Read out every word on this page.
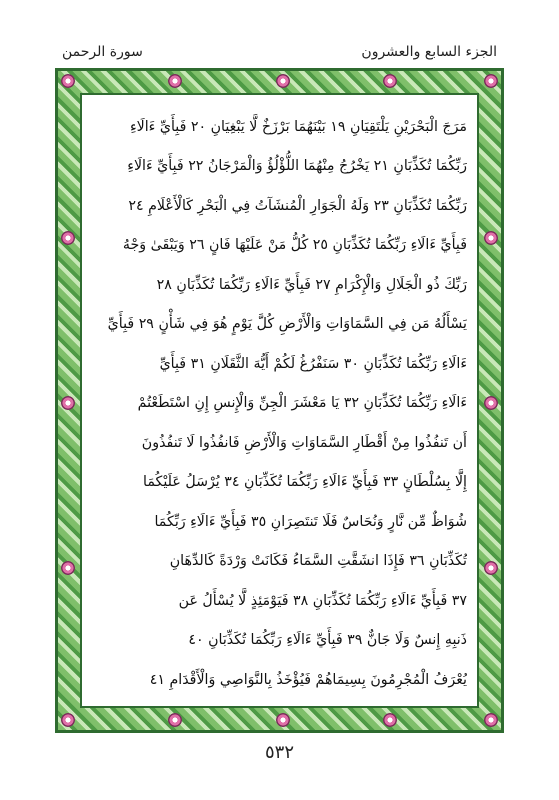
سورة الرحمن	الجزء السابع والعشرون
مَرَجَ الْبَحْرَيْنِ يَلْتَقِيَانِ ١٩ بَيْنَهُمَا بَرْزَخٌ لَّا يَبْغِيَانِ ٢٠ فَبِأَيِّ ءَالَاءِ
رَبِّكُمَا تُكَذِّبَانِ ٢١ يَخْرُجُ مِنْهُمَا اللُّؤْلُؤُ وَالْمَرْجَانُ ٢٢ فَبِأَيِّ ءَالَاءِ
رَبِّكُمَا تُكَذِّبَانِ ٢٣ وَلَهُ الْجَوَارِ الْمُنشَآتُ فِي الْبَحْرِ كَالْأَعْلَامِ ٢٤
فَبِأَيِّ ءَالَاءِ رَبِّكُمَا تُكَذِّبَانِ ٢٥ كُلُّ مَنْ عَلَيْهَا فَانٍ ٢٦ وَيَبْقَىٰ وَجْهُ
رَبِّكَ ذُو الْجَلَالِ وَالْإِكْرَامِ ٢٧ فَبِأَيِّ ءَالَاءِ رَبِّكُمَا تُكَذِّبَانِ ٢٨
يَسْأَلُهُ مَن فِي السَّمَاوَاتِ وَالْأَرْضِ كُلَّ يَوْمٍ هُوَ فِي شَأْنٍ ٢٩ فَبِأَيِّ
ءَالَاءِ رَبِّكُمَا تُكَذِّبَانِ ٣٠ سَنَفْرُغُ لَكُمْ أَيُّهَ الثَّقَلَانِ ٣١ فَبِأَيِّ
ءَالَاءِ رَبِّكُمَا تُكَذِّبَانِ ٣٢ يَا مَعْشَرَ الْجِنِّ وَالْإِنسِ إِنِ اسْتَطَعْتُمْ
أَن تَنفُذُوا مِنْ أَقْطَارِ السَّمَاوَاتِ وَالْأَرْضِ فَانفُذُوا لَا تَنفُذُونَ
إِلَّا بِسُلْطَانٍ ٣٣ فَبِأَيِّ ءَالَاءِ رَبِّكُمَا تُكَذِّبَانِ ٣٤ يُرْسَلُ عَلَيْكُمَا
شُوَاظٌ مِّن نَّارٍ وَنُحَاسٌ فَلَا تَنتَصِرَانِ ٣٥ فَبِأَيِّ ءَالَاءِ رَبِّكُمَا
تُكَذِّبَانِ ٣٦ فَإِذَا انشَقَّتِ السَّمَاءُ فَكَانَتْ وَرْدَةً كَالدِّهَانِ
٣٧ فَبِأَيِّ ءَالَاءِ رَبِّكُمَا تُكَذِّبَانِ ٣٨ فَيَوْمَئِذٍ لَّا يُسْأَلُ عَن
ذَنبِهِ إِنسٌ وَلَا جَانٌّ ٣٩ فَبِأَيِّ ءَالَاءِ رَبِّكُمَا تُكَذِّبَانِ ٤٠
يُعْرَفُ الْمُجْرِمُونَ بِسِيمَاهُمْ فَيُؤْخَذُ بِالنَّوَاصِي وَالْأَقْدَامِ ٤١
٥٣٢
